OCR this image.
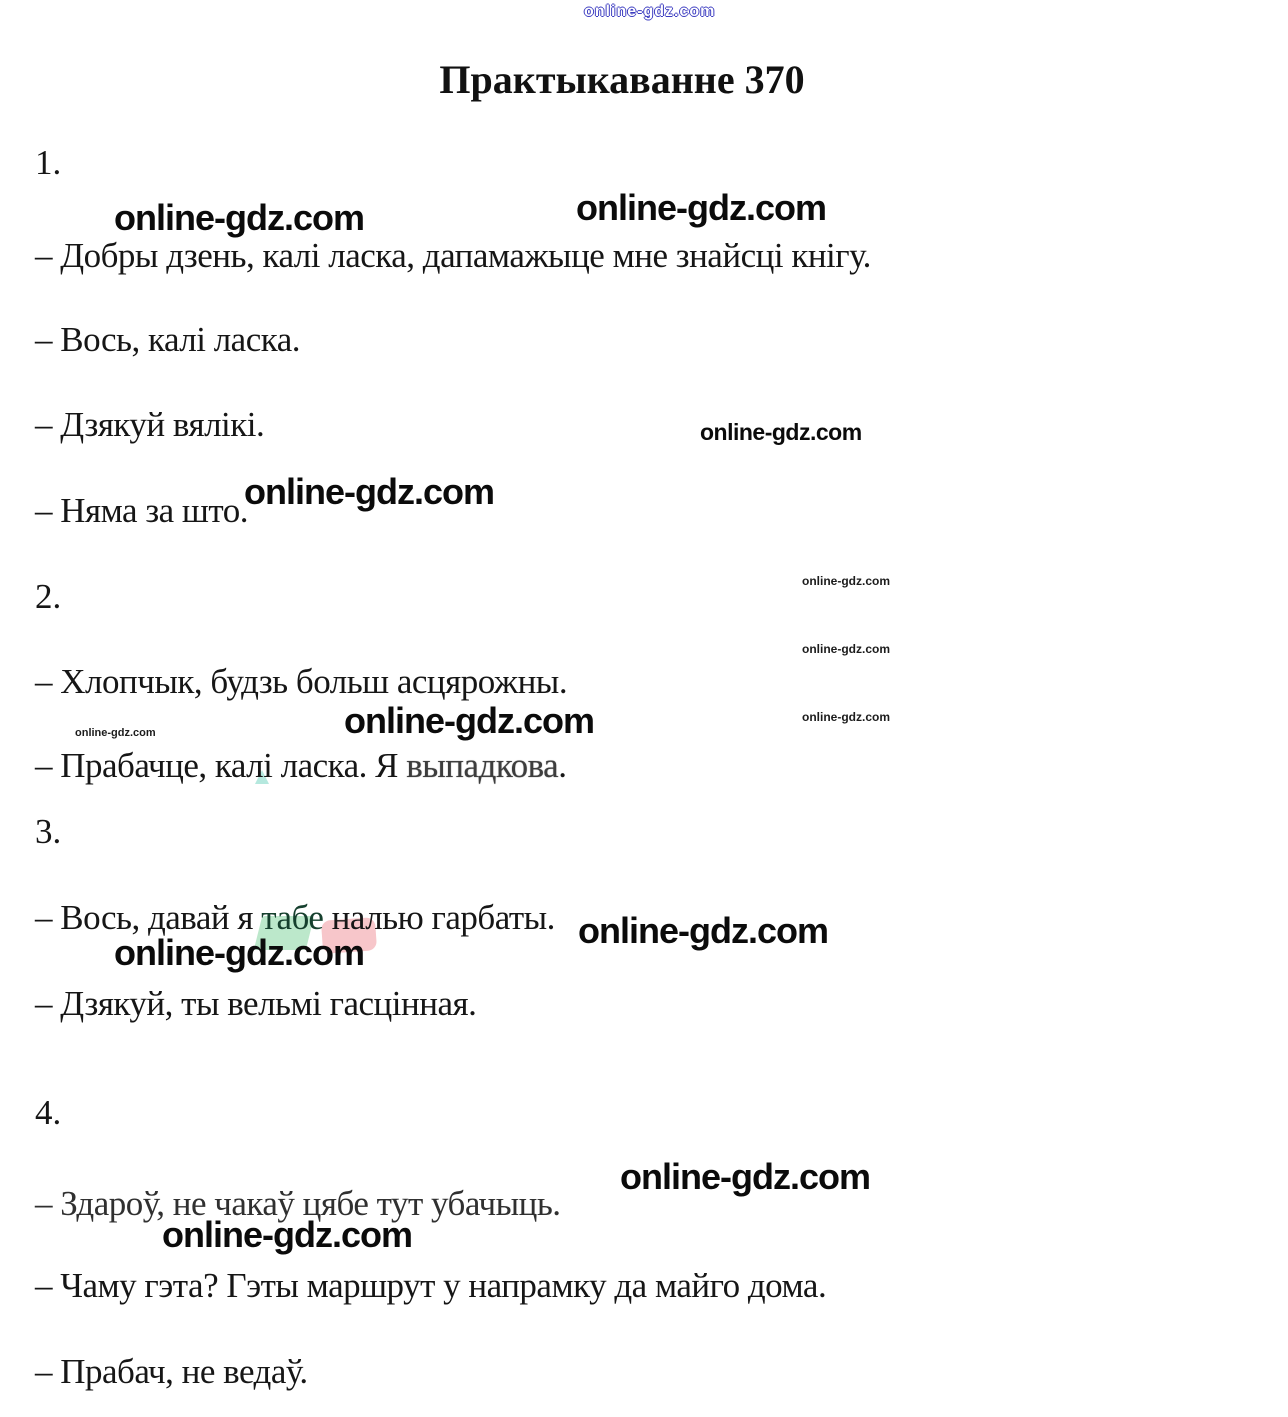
online-gdz.com
Практыкаванне 370
1.
online-gdz.com	online-gdz.com
– Добры дзень, калі ласка, дапамажыце мне знайсці кнігу.
– Вось, калі ласка.
– Дзякуй вялікі.	online-gdz.com
– Няма за што.
online-gdz.com
2.	online-gdz.com
online-gdz.com
– Хлопчык, будзь больш асцярожны.
online-gdz.com	online-gdz.com
online-gdz.com
– Прабачце, калі ласка. Я выпадкова.
3.
– Вось, давай я табе налью гарбаты. online-gdz.com
online-gdz.com
– Дзякуй, ты вельмі гасцінная.
4.
online-gdz.com
– Здароў, не чакаў цябе тут убачыць.
online-gdz.com
– Чаму гэта? Гэты маршрут у напрамку да майго дома.
– Прабач, не ведаў.
